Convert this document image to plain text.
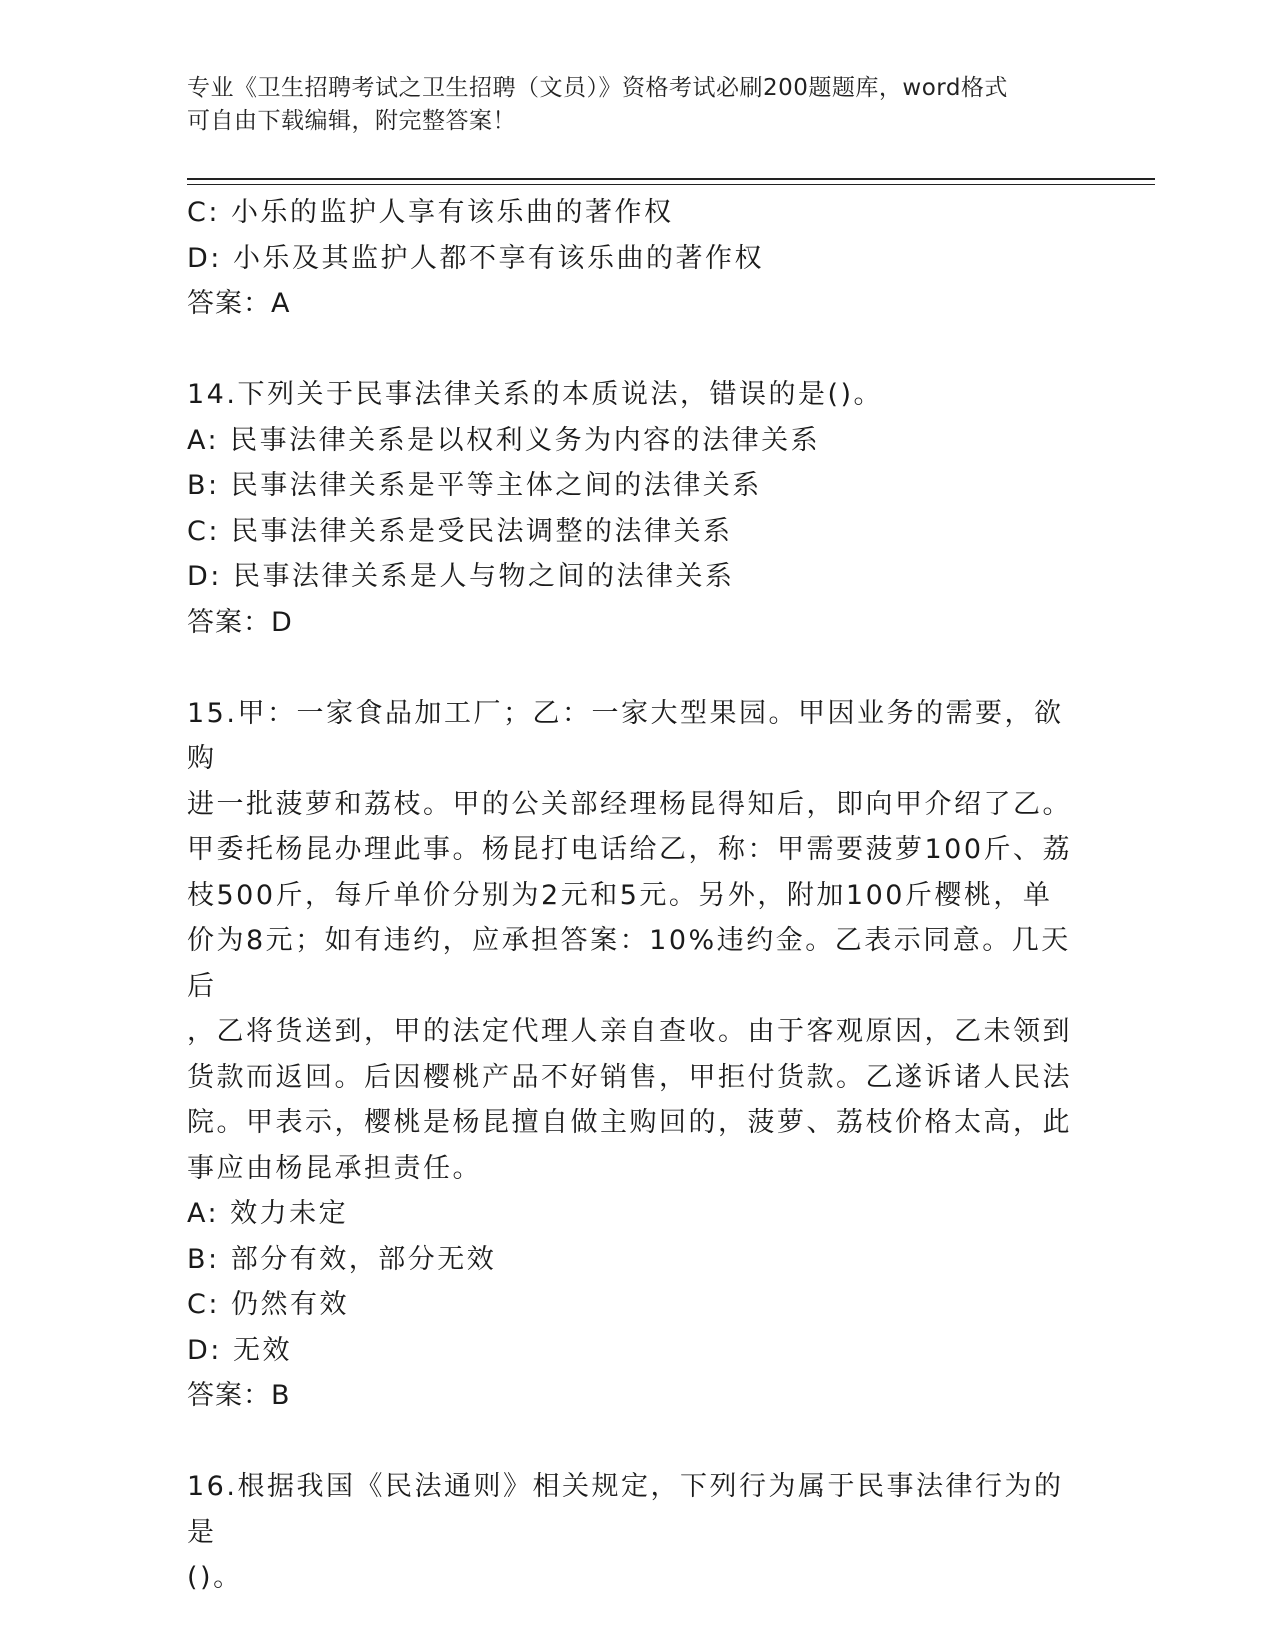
专业《卫生招聘考试之卫生招聘（文员）》资格考试必刷200题题库，word格式
可自由下载编辑，附完整答案！

C: 小乐的监护人享有该乐曲的著作权

D: 小乐及其监护人都不享有该乐曲的著作权

答案：A

14.下列关于民事法律关系的本质说法，错误的是()。

A: 民事法律关系是以权利义务为内容的法律关系

B: 民事法律关系是平等主体之间的法律关系

C: 民事法律关系是受民法调整的法律关系

D: 民事法律关系是人与物之间的法律关系

答案：D

15.甲：一家食品加工厂；乙：一家大型果园。甲因业务的需要，欲购

进一批菠萝和荔枝。甲的公关部经理杨昆得知后，即向甲介绍了乙。

甲委托杨昆办理此事。杨昆打电话给乙，称：甲需要菠萝100斤、荔

枝500斤，每斤单价分别为2元和5元。另外，附加100斤樱桃，单

价为8元；如有违约，应承担答案：10%违约金。乙表示同意。几天后

，乙将货送到，甲的法定代理人亲自查收。由于客观原因，乙未领到

货款而返回。后因樱桃产品不好销售，甲拒付货款。乙遂诉诸人民法

院。甲表示，樱桃是杨昆擅自做主购回的，菠萝、荔枝价格太高，此

事应由杨昆承担责任。

A: 效力未定

B: 部分有效，部分无效

C: 仍然有效

D: 无效

答案：B

16.根据我国《民法通则》相关规定，下列行为属于民事法律行为的是

()。
